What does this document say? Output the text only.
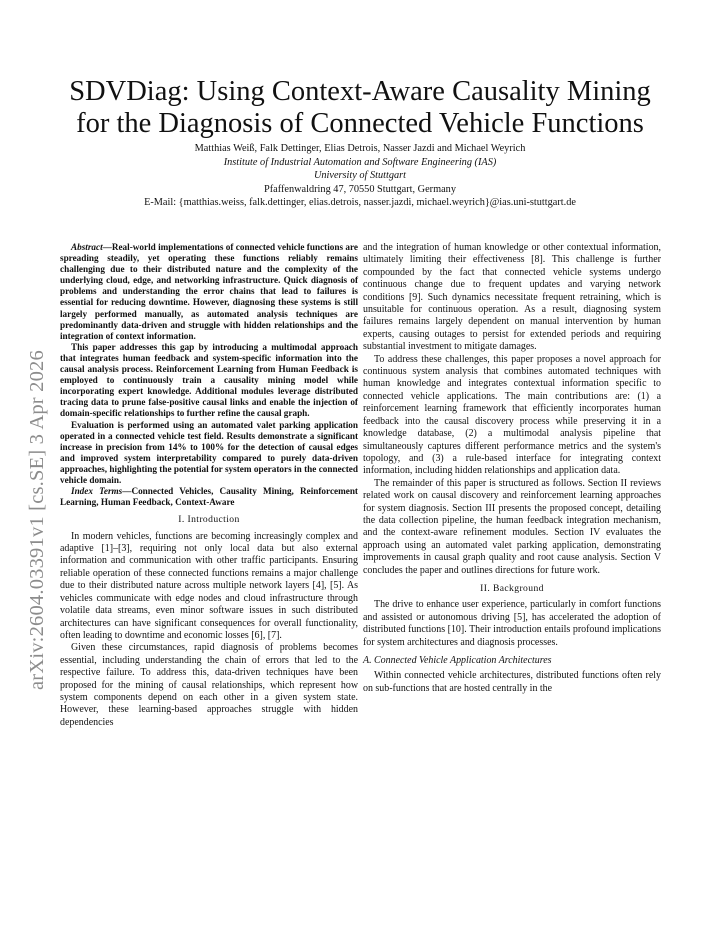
arXiv:2604.03391v1 [cs.SE] 3 Apr 2026
SDVDiag: Using Context-Aware Causality Mining
for the Diagnosis of Connected Vehicle Functions
Matthias Weiß, Falk Dettinger, Elias Detrois, Nasser Jazdi and Michael Weyrich
Institute of Industrial Automation and Software Engineering (IAS)
University of Stuttgart
Pfaffenwaldring 47, 70550 Stuttgart, Germany
E-Mail: {matthias.weiss, falk.dettinger, elias.detrois, nasser.jazdi, michael.weyrich}@ias.uni-stuttgart.de

Abstract—Real-world implementations of connected vehicle functions are spreading steadily, yet operating these functions reliably remains challenging due to their distributed nature and the complexity of the underlying cloud, edge, and networking infrastructure. Quick diagnosis of problems and understanding the error chains that lead to failures is essential for reducing downtime. However, diagnosing these systems is still largely performed manually, as automated analysis techniques are predominantly data-driven and struggle with hidden relationships and the integration of context information.

This paper addresses this gap by introducing a multimodal approach that integrates human feedback and system-specific information into the causal analysis process. Reinforcement Learning from Human Feedback is employed to continuously train a causality mining model while incorporating expert knowledge. Additional modules leverage distributed tracing data to prune false-positive causal links and enable the injection of domain-specific relationships to further refine the causal graph.

Evaluation is performed using an automated valet parking application operated in a connected vehicle test field. Results demonstrate a significant increase in precision from 14% to 100% for the detection of causal edges and improved system interpretability compared to purely data-driven approaches, highlighting the potential for system operators in the connected vehicle domain.

Index Terms—Connected Vehicles, Causality Mining, Reinforcement Learning, Human Feedback, Context-Aware

I. Introduction

In modern vehicles, functions are becoming increasingly complex and adaptive [1]–[3], requiring not only local data but also external information and communication with other traffic participants. Ensuring reliable operation of these connected functions remains a major challenge due to their distributed nature across multiple network layers [4], [5]. As vehicles communicate with edge nodes and cloud infrastructure through volatile data streams, even minor software issues in such distributed architectures can have significant consequences for overall functionality, often leading to downtime and economic losses [6], [7].

Given these circumstances, rapid diagnosis of problems becomes essential, including understanding the chain of errors that led to the respective failure. To address this, data-driven techniques have been proposed for the mining of causal relationships, which represent how system components depend on each other in a given system state. However, these learning-based approaches struggle with hidden dependencies

and the integration of human knowledge or other contextual information, ultimately limiting their effectiveness [8]. This challenge is further compounded by the fact that connected vehicle systems undergo continuous change due to frequent updates and varying network conditions [9]. Such dynamics necessitate frequent retraining, which is unsuitable for continuous operation. As a result, diagnosing system failures remains largely dependent on manual intervention by human experts, causing outages to persist for extended periods and requiring substantial investment to mitigate damages.

To address these challenges, this paper proposes a novel approach for continuous system analysis that combines automated techniques with human knowledge and integrates contextual information specific to connected vehicle applications. The main contributions are: (1) a reinforcement learning framework that efficiently incorporates human feedback into the causal discovery process while preserving it in a knowledge database, (2) a multimodal analysis pipeline that simultaneously captures different performance metrics and the system's topology, and (3) a rule-based interface for integrating context information, including hidden relationships and application data.

The remainder of this paper is structured as follows. Section II reviews related work on causal discovery and reinforcement learning approaches for system diagnosis. Section III presents the proposed concept, detailing the data collection pipeline, the human feedback integration mechanism, and the context-aware refinement modules. Section IV evaluates the approach using an automated valet parking application, demonstrating improvements in causal graph quality and root cause analysis. Section V concludes the paper and outlines directions for future work.

II. Background

The drive to enhance user experience, particularly in comfort functions and assisted or autonomous driving [5], has accelerated the adoption of distributed functions [10]. Their introduction entails profound implications for system architectures and diagnosis processes.

A. Connected Vehicle Application Architectures

Within connected vehicle architectures, distributed functions often rely on sub-functions that are hosted centrally in the
